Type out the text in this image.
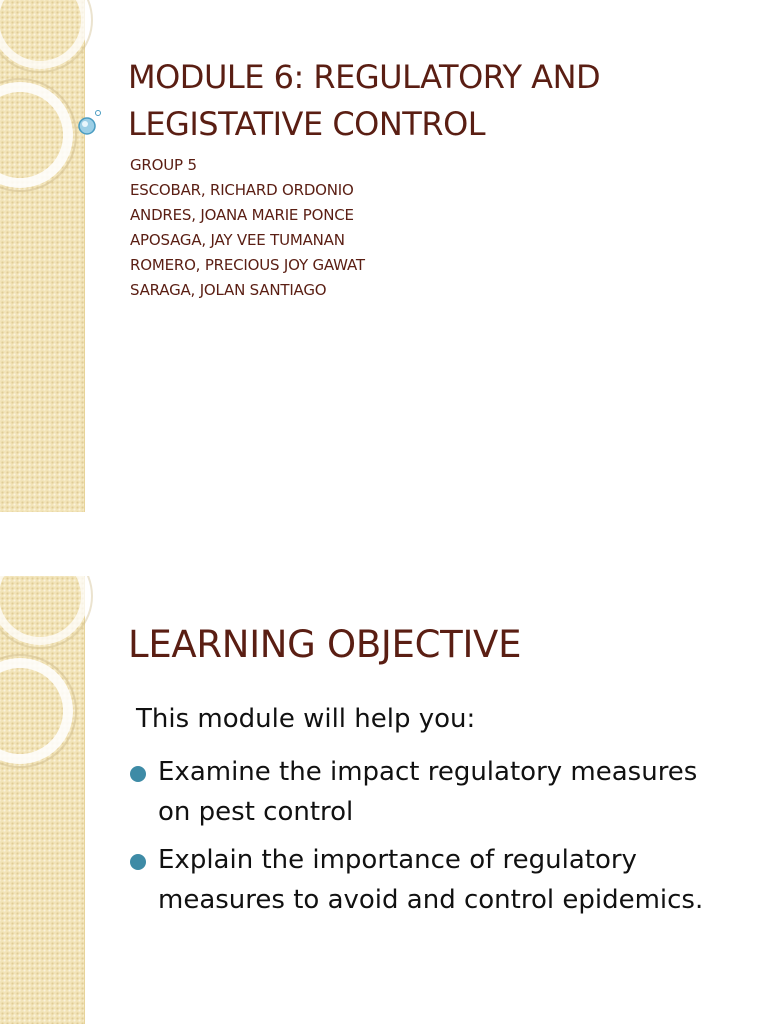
MODULE 6: REGULATORY AND
LEGISTATIVE CONTROL
GROUP 5
ESCOBAR, RICHARD ORDONIO
ANDRES, JOANA MARIE PONCE
APOSAGA, JAY VEE TUMANAN
ROMERO, PRECIOUS JOY GAWAT
SARAGA, JOLAN SANTIAGO
LEARNING OBJECTIVE
This module will help you:
Examine the impact regulatory measures
on pest control
Explain the importance of regulatory
measures to avoid and control epidemics.
